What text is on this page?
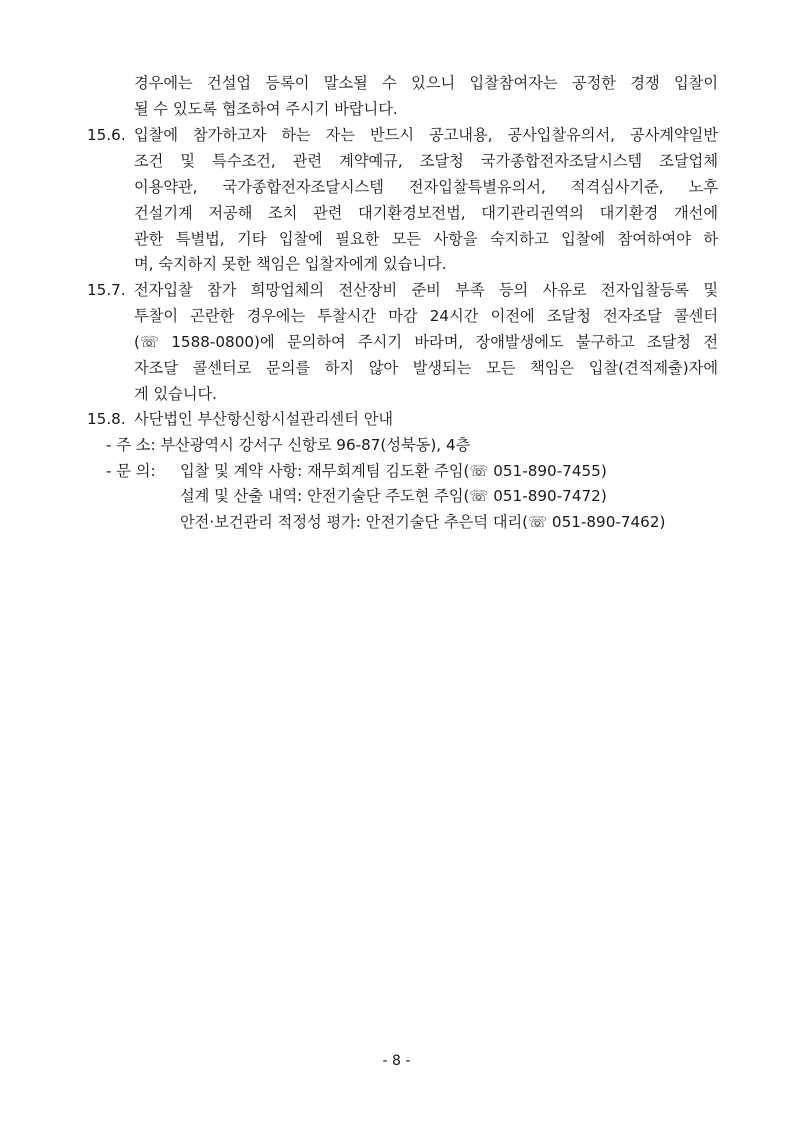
경우에는 건설업 등록이 말소될 수 있으니 입찰참여자는 공정한 경쟁 입찰이
될 수 있도록 협조하여 주시기 바랍니다.
15.6. 입찰에 참가하고자 하는 자는 반드시 공고내용, 공사입찰유의서, 공사계약일반
조건 및 특수조건, 관련 계약예규, 조달청 국가종합전자조달시스템 조달업체
이용약관, 국가종합전자조달시스템 전자입찰특별유의서, 적격심사기준, 노후
건설기계 저공해 조치 관련 대기환경보전법, 대기관리권역의 대기환경 개선에
관한 특별법, 기타 입찰에 필요한 모든 사항을 숙지하고 입찰에 참여하여야 하
며, 숙지하지 못한 책임은 입찰자에게 있습니다.
15.7. 전자입찰 참가 희망업체의 전산장비 준비 부족 등의 사유로 전자입찰등록 및
투찰이 곤란한 경우에는 투찰시간 마감 24시간 이전에 조달청 전자조달 콜센터
(☏ 1588-0800)에 문의하여 주시기 바라며, 장애발생에도 불구하고 조달청 전
자조달 콜센터로 문의를 하지 않아 발생되는 모든 책임은 입찰(견적제출)자에
게 있습니다.
15.8. 사단법인 부산항신항시설관리센터 안내
- 주 소: 부산광역시 강서구 신항로 96-87(성북동), 4층
- 문 의: 입찰 및 계약 사항: 재무회계팀 김도환 주임(☏ 051-890-7455)
설계 및 산출 내역: 안전기술단 주도현 주임(☏ 051-890-7472)
안전·보건관리 적정성 평가: 안전기술단 추은덕 대리(☏ 051-890-7462)
- 8 -
